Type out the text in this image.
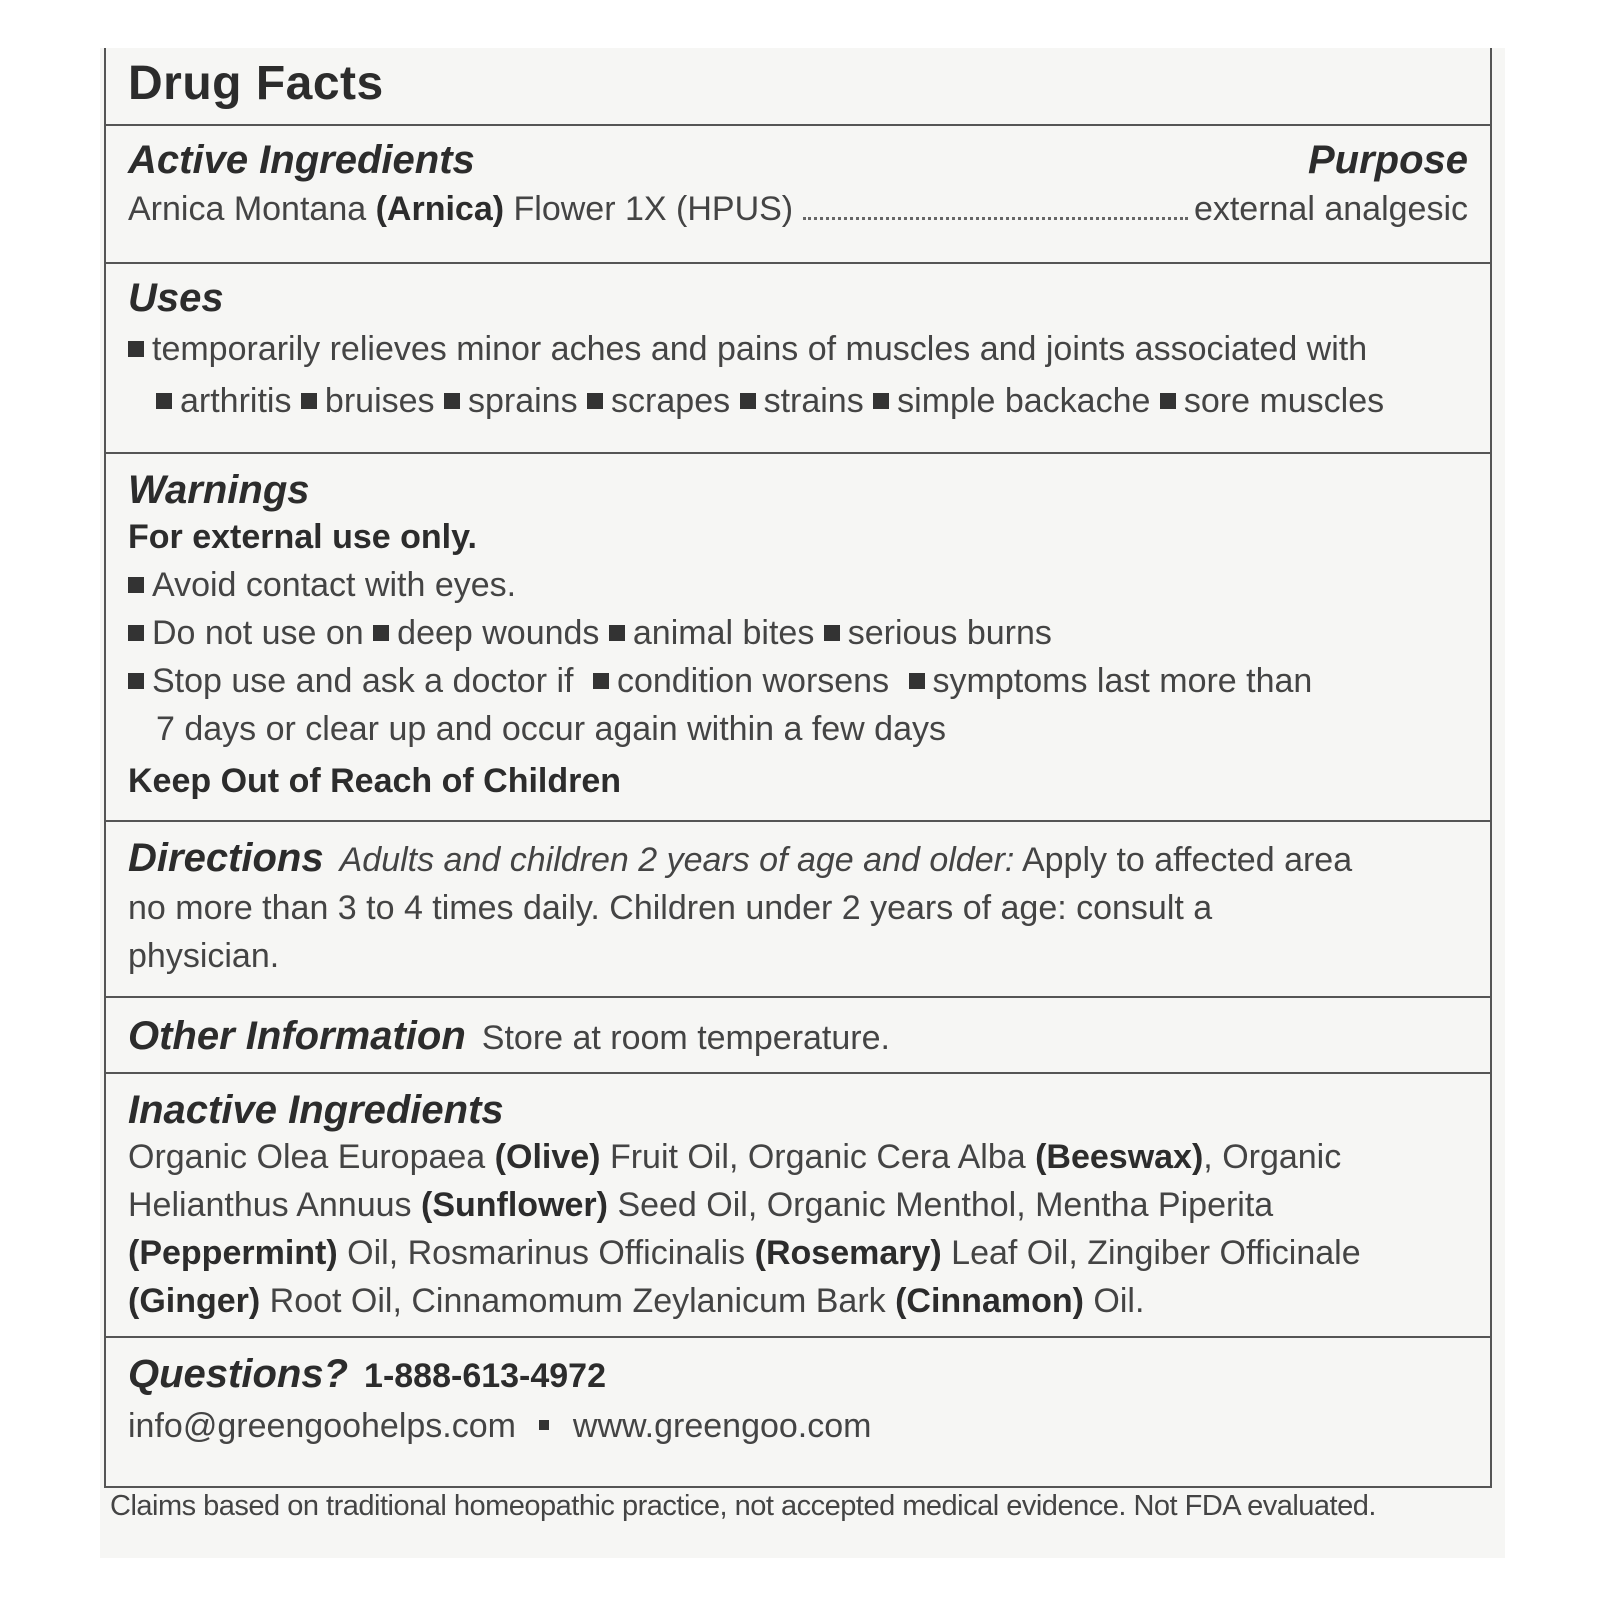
Drug Facts
Active Ingredients	Purpose
Arnica Montana (Arnica) Flower 1X (HPUS)	external analgesic
Uses
temporarily relieves minor aches and pains of muscles and joints associated with
arthritis bruises sprains scrapes strains simple backache sore muscles
Warnings
For external use only.
Avoid contact with eyes.
Do not use on deep wounds animal bites serious burns
Stop use and ask a doctor if condition worsens symptoms last more than
7 days or clear up and occur again within a few days
Keep Out of Reach of Children
Directions Adults and children 2 years of age and older: Apply to affected area
no more than 3 to 4 times daily. Children under 2 years of age: consult a
physician.
Other Information Store at room temperature.
Inactive Ingredients
Organic Olea Europaea (Olive) Fruit Oil, Organic Cera Alba (Beeswax), Organic
Helianthus Annuus (Sunflower) Seed Oil, Organic Menthol, Mentha Piperita
(Peppermint) Oil, Rosmarinus Officinalis (Rosemary) Leaf Oil, Zingiber Officinale
(Ginger) Root Oil, Cinnamomum Zeylanicum Bark (Cinnamon) Oil.
Questions? 1-888-613-4972
info@greengoohelps.com www.greengoo.com
Claims based on traditional homeopathic practice, not accepted medical evidence. Not FDA evaluated.
